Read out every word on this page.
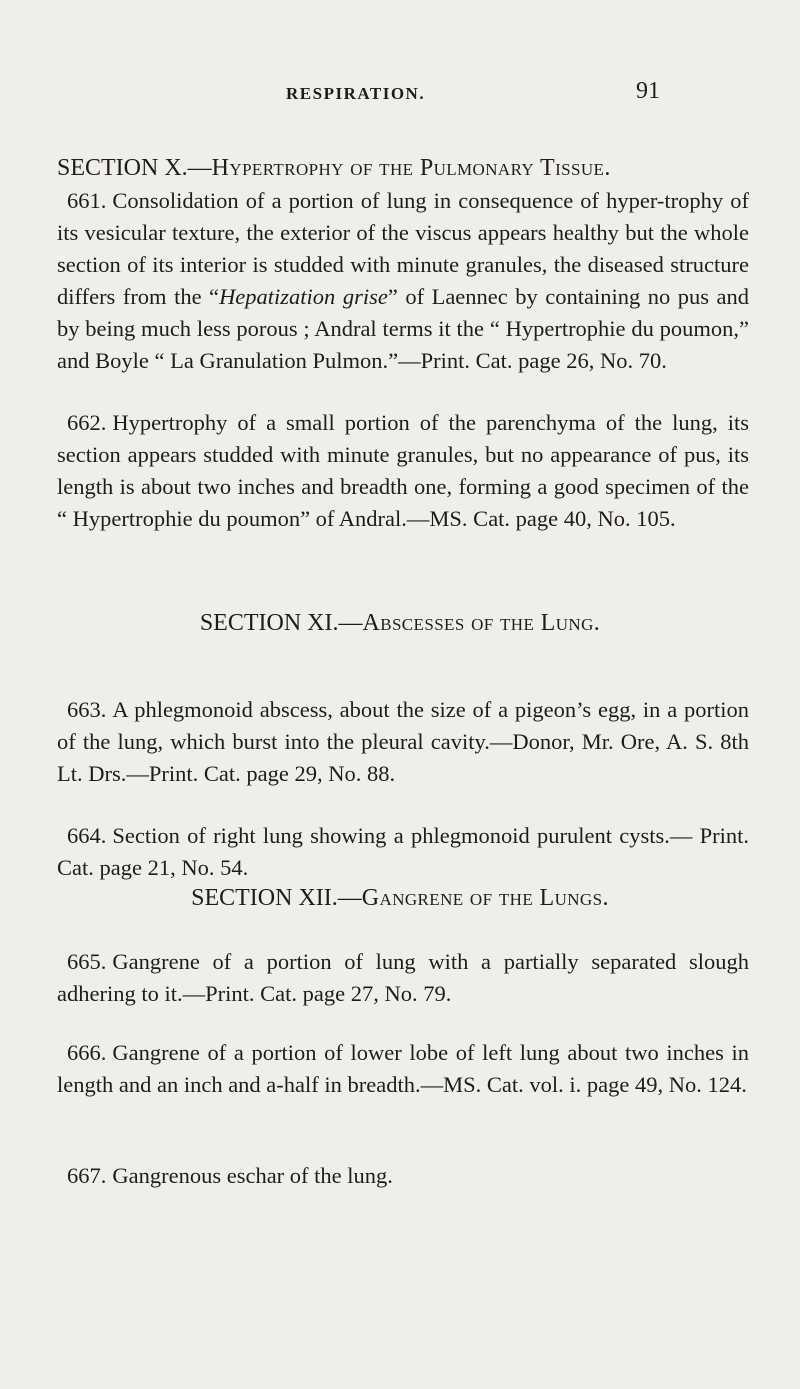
RESPIRATION.	91
SECTION X.—Hypertrophy of the Pulmonary Tissue.

661. Consolidation of a portion of lung in consequence of hyper-trophy of its vesicular texture, the exterior of the viscus appears healthy but the whole section of its interior is studded with minute granules, the diseased structure differs from the “Hepatization grise” of Laennec by containing no pus and by being much less porous ; Andral terms it the “ Hypertrophie du poumon,” and Boyle “ La Granulation Pulmon.”—Print. Cat. page 26, No. 70.

662. Hypertrophy of a small portion of the parenchyma of the lung, its section appears studded with minute granules, but no appearance of pus, its length is about two inches and breadth one, forming a good specimen of the “ Hypertrophie du poumon” of Andral.—MS. Cat. page 40, No. 105.

SECTION XI.—Abscesses of the Lung.

663. A phlegmonoid abscess, about the size of a pigeon’s egg, in a portion of the lung, which burst into the pleural cavity.—Donor, Mr. Ore, A. S. 8th Lt. Drs.—Print. Cat. page 29, No. 88.

664. Section of right lung showing a phlegmonoid purulent cysts.— Print. Cat. page 21, No. 54.

SECTION XII.—Gangrene of the Lungs.

665. Gangrene of a portion of lung with a partially separated slough adhering to it.—Print. Cat. page 27, No. 79.

666. Gangrene of a portion of lower lobe of left lung about two inches in length and an inch and a-half in breadth.—MS. Cat. vol. i. page 49, No. 124.

667. Gangrenous eschar of the lung.
